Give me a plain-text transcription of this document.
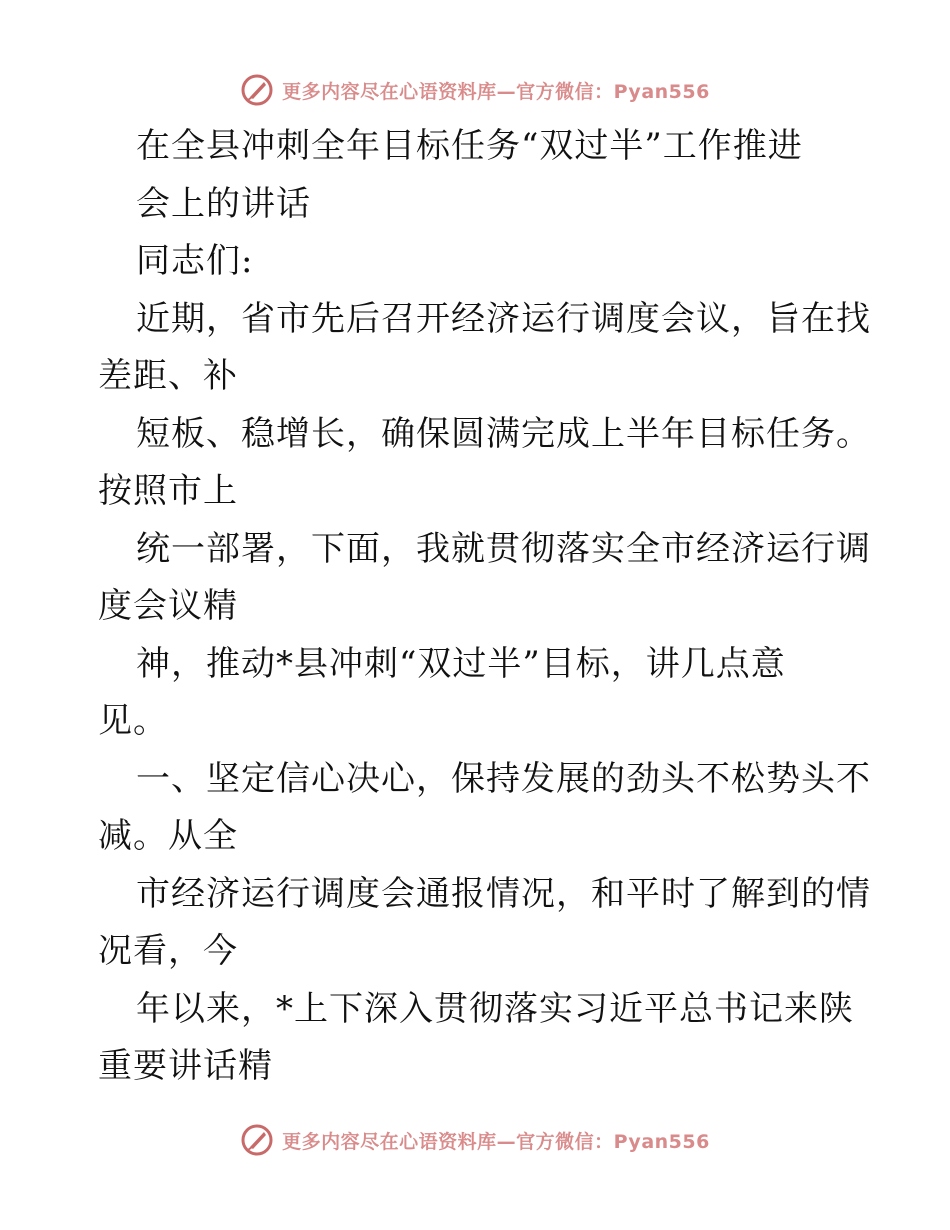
更多内容尽在心语资料库—官方微信：Pyan556
在全县冲刺全年目标任务“双过半”工作推进
会上的讲话
同志们:
近期，省市先后召开经济运行调度会议，旨在找
差距、补
短板、稳增长，确保圆满完成上半年目标任务。
按照市上
统一部署，下面，我就贯彻落实全市经济运行调
度会议精
神，推动*县冲刺“双过半”目标，讲几点意
见。
一、坚定信心决心，保持发展的劲头不松势头不
减。从全
市经济运行调度会通报情况，和平时了解到的情
况看，今
年以来，*上下深入贯彻落实习近平总书记来陕
重要讲话精
更多内容尽在心语资料库—官方微信：Pyan556
